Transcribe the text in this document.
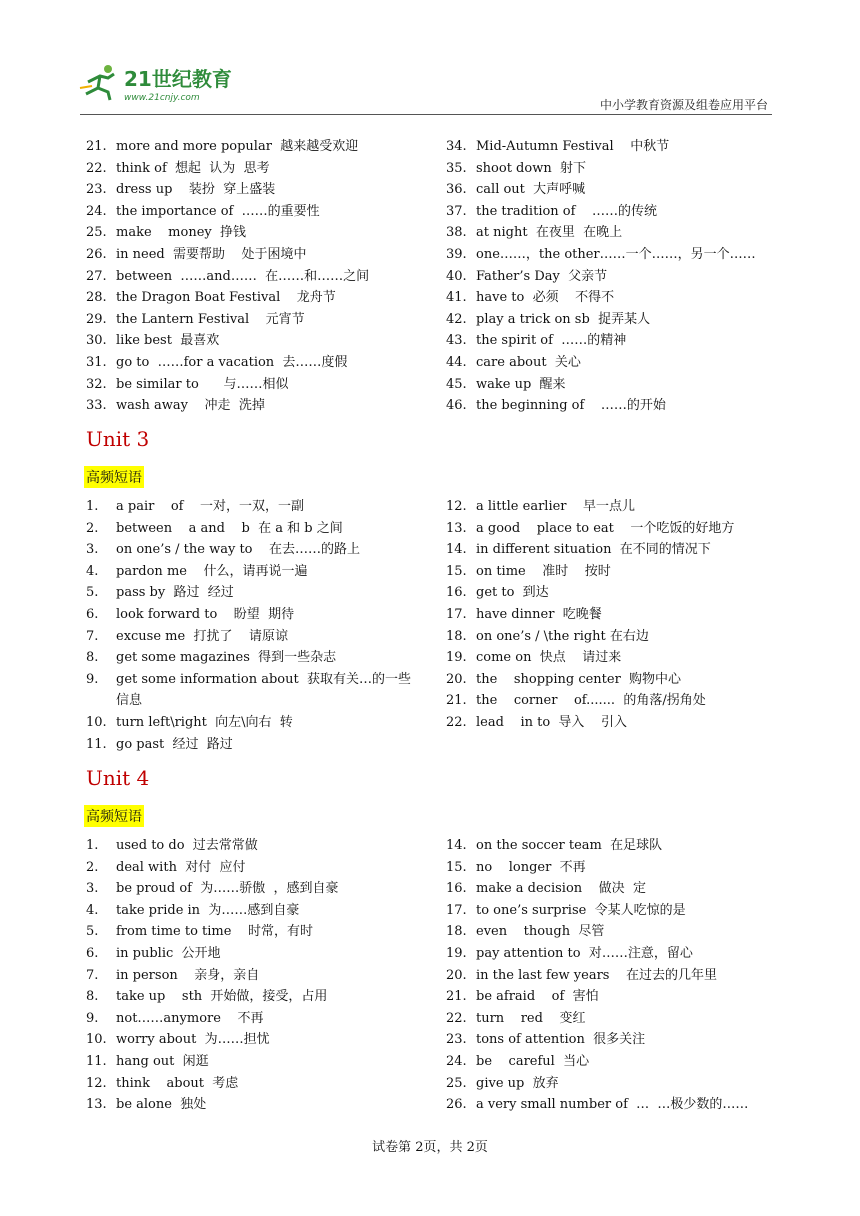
21世纪教育
www.21cnjy.com	中小学教育资源及组卷应用平台
21. more and more popular  越来越受欢迎
22. think of  想起  认为  思考
23. dress up    装扮  穿上盛装
24. the importance of  ……的重要性
25. make    money  挣钱
26. in need  需要帮助    处于困境中
27. between  ……and……  在……和……之间
28. the Dragon Boat Festival    龙舟节
29. the Lantern Festival    元宵节
30. like best  最喜欢
31. go to  ……for a vacation  去……度假
32. be similar to      与……相似
33. wash away    冲走  洗掉
34. Mid-Autumn Festival    中秋节
35. shoot down  射下
36. call out  大声呼喊
37. the tradition of    ……的传统
38. at night  在夜里  在晚上
39. one……，the other……一个……，另一个……
40. Father’s Day  父亲节
41. have to  必须    不得不
42. play a trick on sb  捉弄某人
43. the spirit of  ……的精神
44. care about  关心
45. wake up  醒来
46. the beginning of    ……的开始
Unit 3
高频短语
1. a pair    of    一对，一双，一副
2. between    a and    b  在 a 和 b 之间
3. on one’s / the way to    在去……的路上
4. pardon me    什么，请再说一遍
5. pass by  路过  经过
6. look forward to    盼望  期待
7. excuse me  打扰了    请原谅
8. get some magazines  得到一些杂志
9. get some information about  获取有关…的一些信息
10. turn left\right  向左\向右  转
11. go past  经过  路过
12. a little earlier    早一点儿
13. a good    place to eat    一个吃饭的好地方
14. in different situation  在不同的情况下
15. on time    准时    按时
16. get to  到达
17. have dinner  吃晚餐
18. on one’s / \the right 在右边
19. come on  快点    请过来
20. the    shopping center  购物中心
21. the    corner    of.......  的角落/拐角处
22. lead    in to  导入    引入
Unit 4
高频短语
1. used to do  过去常常做
2. deal with  对付  应付
3. be proud of  为……骄傲  ，感到自豪
4. take pride in  为……感到自豪
5. from time to time    时常，有时
6. in public  公开地
7. in person    亲身，亲自
8. take up    sth  开始做，接受，占用
9. not……anymore    不再
10. worry about  为……担忧
11. hang out  闲逛
12. think    about  考虑
13. be alone  独处
14. on the soccer team  在足球队
15. no    longer  不再
16. make a decision    做决  定
17. to one’s surprise  令某人吃惊的是
18. even    though  尽管
19. pay attention to  对……注意，留心
20. in the last few years    在过去的几年里
21. be afraid    of  害怕
22. turn    red    变红
23. tons of attention  很多关注
24. be    careful  当心
25. give up  放弃
26. a very small number of  …  …极少数的……
试卷第 2页，共 2页
